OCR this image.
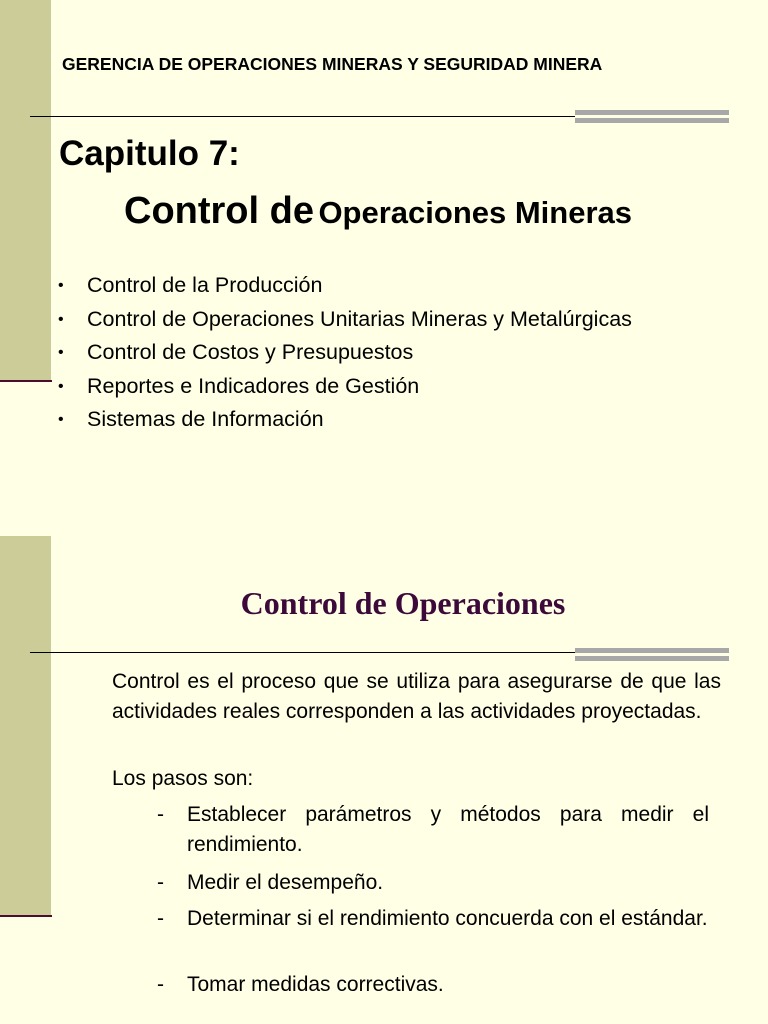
GERENCIA DE OPERACIONES MINERAS Y SEGURIDAD MINERA
Capitulo 7:
Control de Operaciones Mineras
• Control de la Producción
• Control de Operaciones Unitarias Mineras y Metalúrgicas
• Control de Costos y Presupuestos
• Reportes e Indicadores de Gestión
• Sistemas de Información
Control de Operaciones

Control es el proceso que se utiliza para asegurarse de que las actividades reales corresponden a las actividades proyectadas.

Los pasos son:

- Establecer parámetros y métodos para medir el rendimiento.
- Medir el desempeño.
- Determinar si el rendimiento concuerda con el estándar.
- Tomar medidas correctivas.
